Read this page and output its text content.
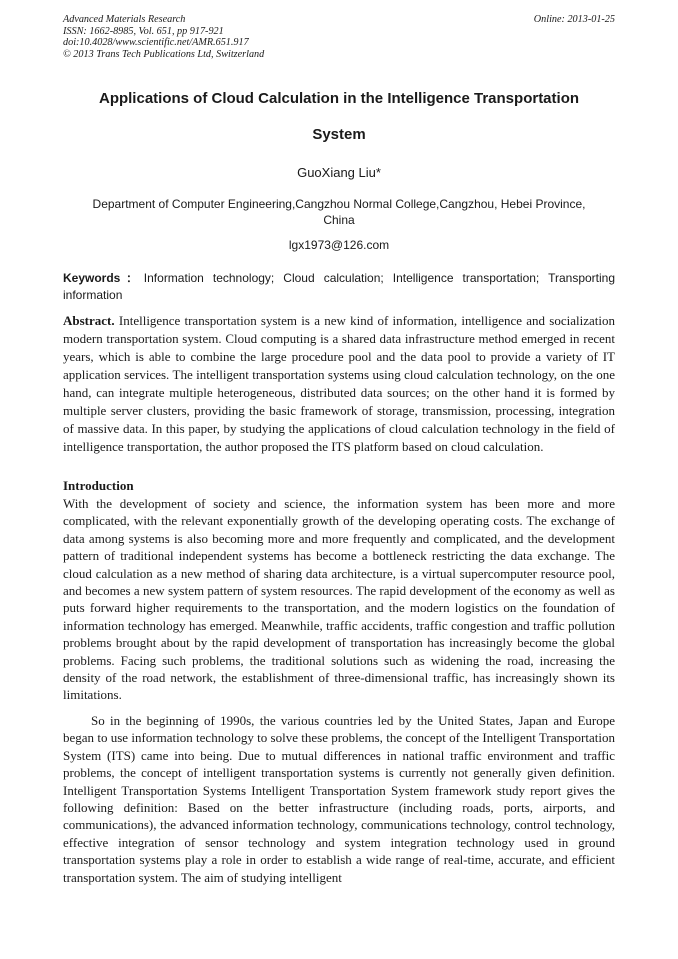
Advanced Materials Research
ISSN: 1662-8985, Vol. 651, pp 917-921
doi:10.4028/www.scientific.net/AMR.651.917
© 2013 Trans Tech Publications Ltd, Switzerland
Online: 2013-01-25
Applications of Cloud Calculation in the Intelligence Transportation
System
GuoXiang Liu*
Department of Computer Engineering,Cangzhou Normal College,Cangzhou, Hebei Province, China
lgx1973@126.com
Keywords：Information technology; Cloud calculation; Intelligence transportation; Transporting information
Abstract. Intelligence transportation system is a new kind of information, intelligence and socialization modern transportation system. Cloud computing is a shared data infrastructure method emerged in recent years, which is able to combine the large procedure pool and the data pool to provide a variety of IT application services. The intelligent transportation systems using cloud calculation technology, on the one hand, can integrate multiple heterogeneous, distributed data sources; on the other hand it is formed by multiple server clusters, providing the basic framework of storage, transmission, processing, integration of massive data. In this paper, by studying the applications of cloud calculation technology in the field of intelligence transportation, the author proposed the ITS platform based on cloud calculation.
Introduction
With the development of society and science, the information system has been more and more complicated, with the relevant exponentially growth of the developing operating costs. The exchange of data among systems is also becoming more and more frequently and complicated, and the development pattern of traditional independent systems has become a bottleneck restricting the data exchange. The cloud calculation as a new method of sharing data architecture, is a virtual supercomputer resource pool, and becomes a new system pattern of system resources. The rapid development of the economy as well as puts forward higher requirements to the transportation, and the modern logistics on the foundation of information technology has emerged. Meanwhile, traffic accidents, traffic congestion and traffic pollution problems brought about by the rapid development of transportation has increasingly become the global problems. Facing such problems, the traditional solutions such as widening the road, increasing the density of the road network, the establishment of three-dimensional traffic, has increasingly shown its limitations.
So in the beginning of 1990s, the various countries led by the United States, Japan and Europe began to use information technology to solve these problems, the concept of the Intelligent Transportation System (ITS) came into being. Due to mutual differences in national traffic environment and traffic problems, the concept of intelligent transportation systems is currently not generally given definition. Intelligent Transportation Systems Intelligent Transportation System framework study report gives the following definition: Based on the better infrastructure (including roads, ports, airports, and communications), the advanced information technology, communications technology, control technology, effective integration of sensor technology and system integration technology used in ground transportation systems play a role in order to establish a wide range of real-time, accurate, and efficient transportation system. The aim of studying intelligent
